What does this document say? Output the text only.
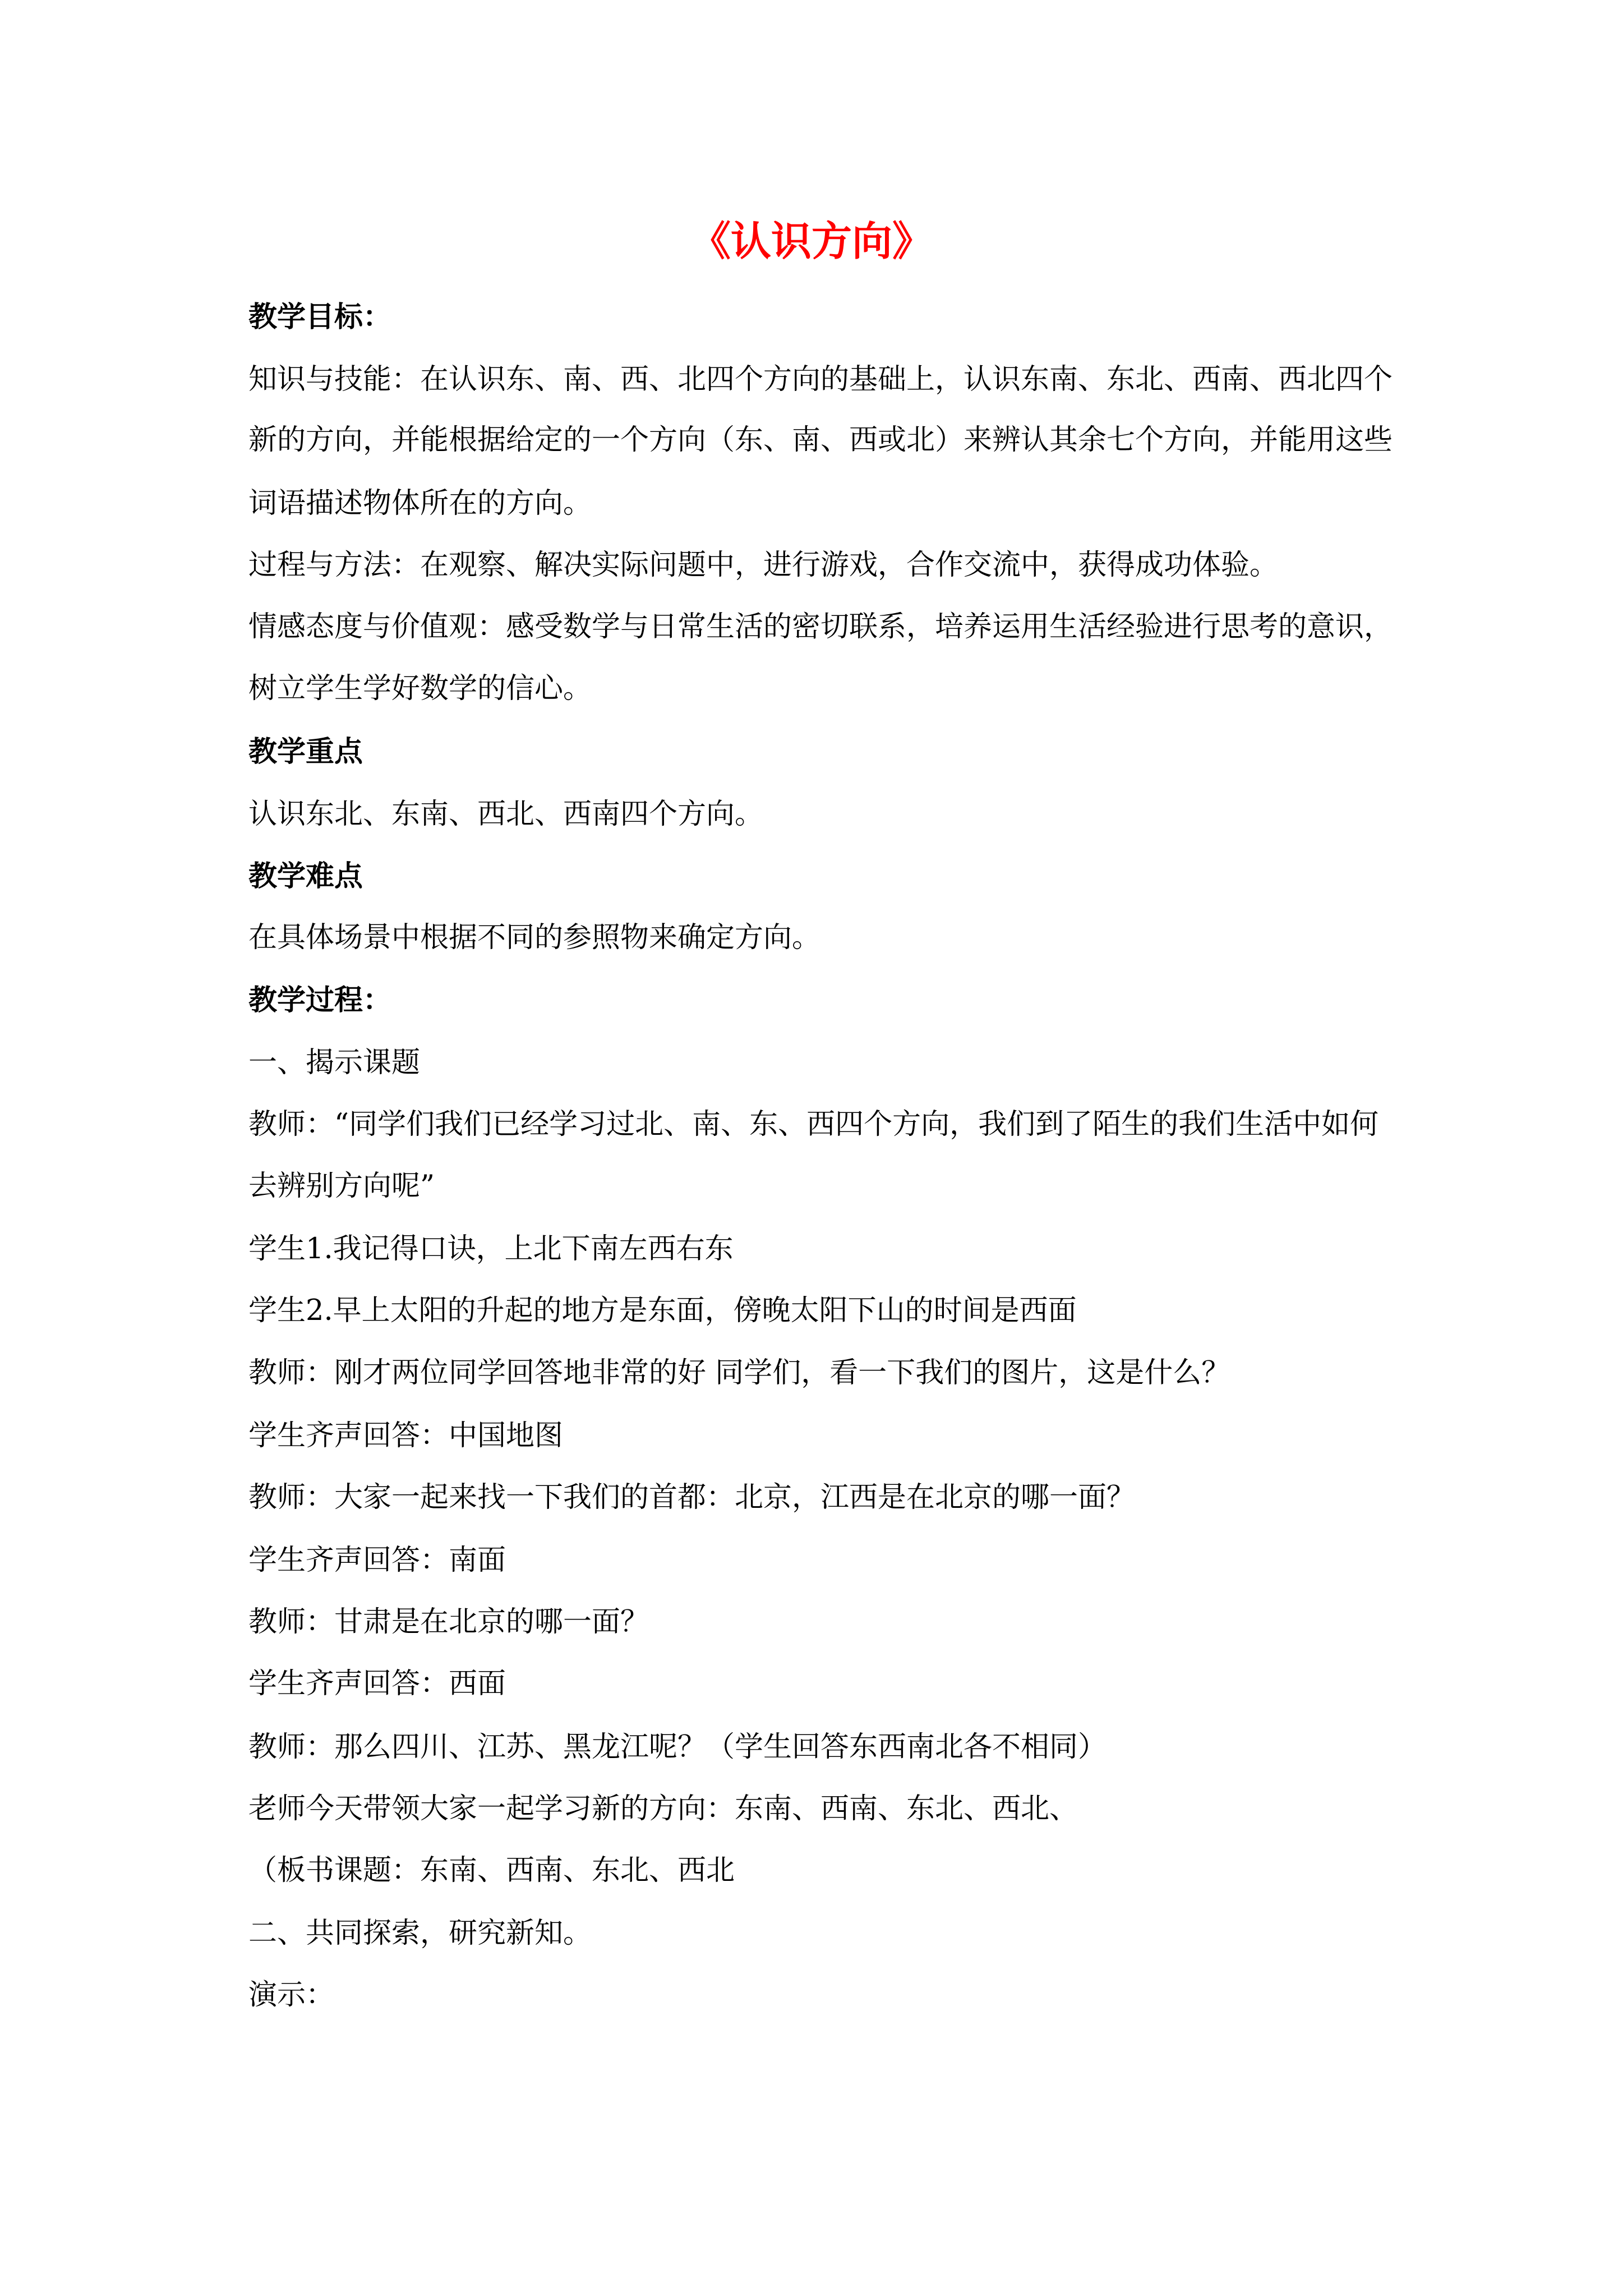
《认识方向》
教学目标：
知识与技能：在认识东、南、西、北四个方向的基础上，认识东南、东北、西南、西北四个
新的方向，并能根据给定的一个方向（东、南、西或北）来辨认其余七个方向，并能用这些
词语描述物体所在的方向。
过程与方法：在观察、解决实际问题中，进行游戏，合作交流中，获得成功体验。
情感态度与价值观：感受数学与日常生活的密切联系，培养运用生活经验进行思考的意识，
树立学生学好数学的信心。
教学重点
认识东北、东南、西北、西南四个方向。
教学难点
在具体场景中根据不同的参照物来确定方向。
教学过程：
一、揭示课题
教师：“同学们我们已经学习过北、南、东、西四个方向，我们到了陌生的我们生活中如何
去辨别方向呢”
学生1.我记得口诀，上北下南左西右东
学生2.早上太阳的升起的地方是东面，傍晚太阳下山的时间是西面
教师：刚才两位同学回答地非常的好 同学们，看一下我们的图片，这是什么？
学生齐声回答：中国地图
教师：大家一起来找一下我们的首都：北京，江西是在北京的哪一面？
学生齐声回答：南面
教师：甘肃是在北京的哪一面？
学生齐声回答：西面
教师：那么四川、江苏、黑龙江呢？（学生回答东西南北各不相同）
老师今天带领大家一起学习新的方向：东南、西南、东北、西北、
（板书课题：东南、西南、东北、西北
二、共同探索，研究新知。
演示：
